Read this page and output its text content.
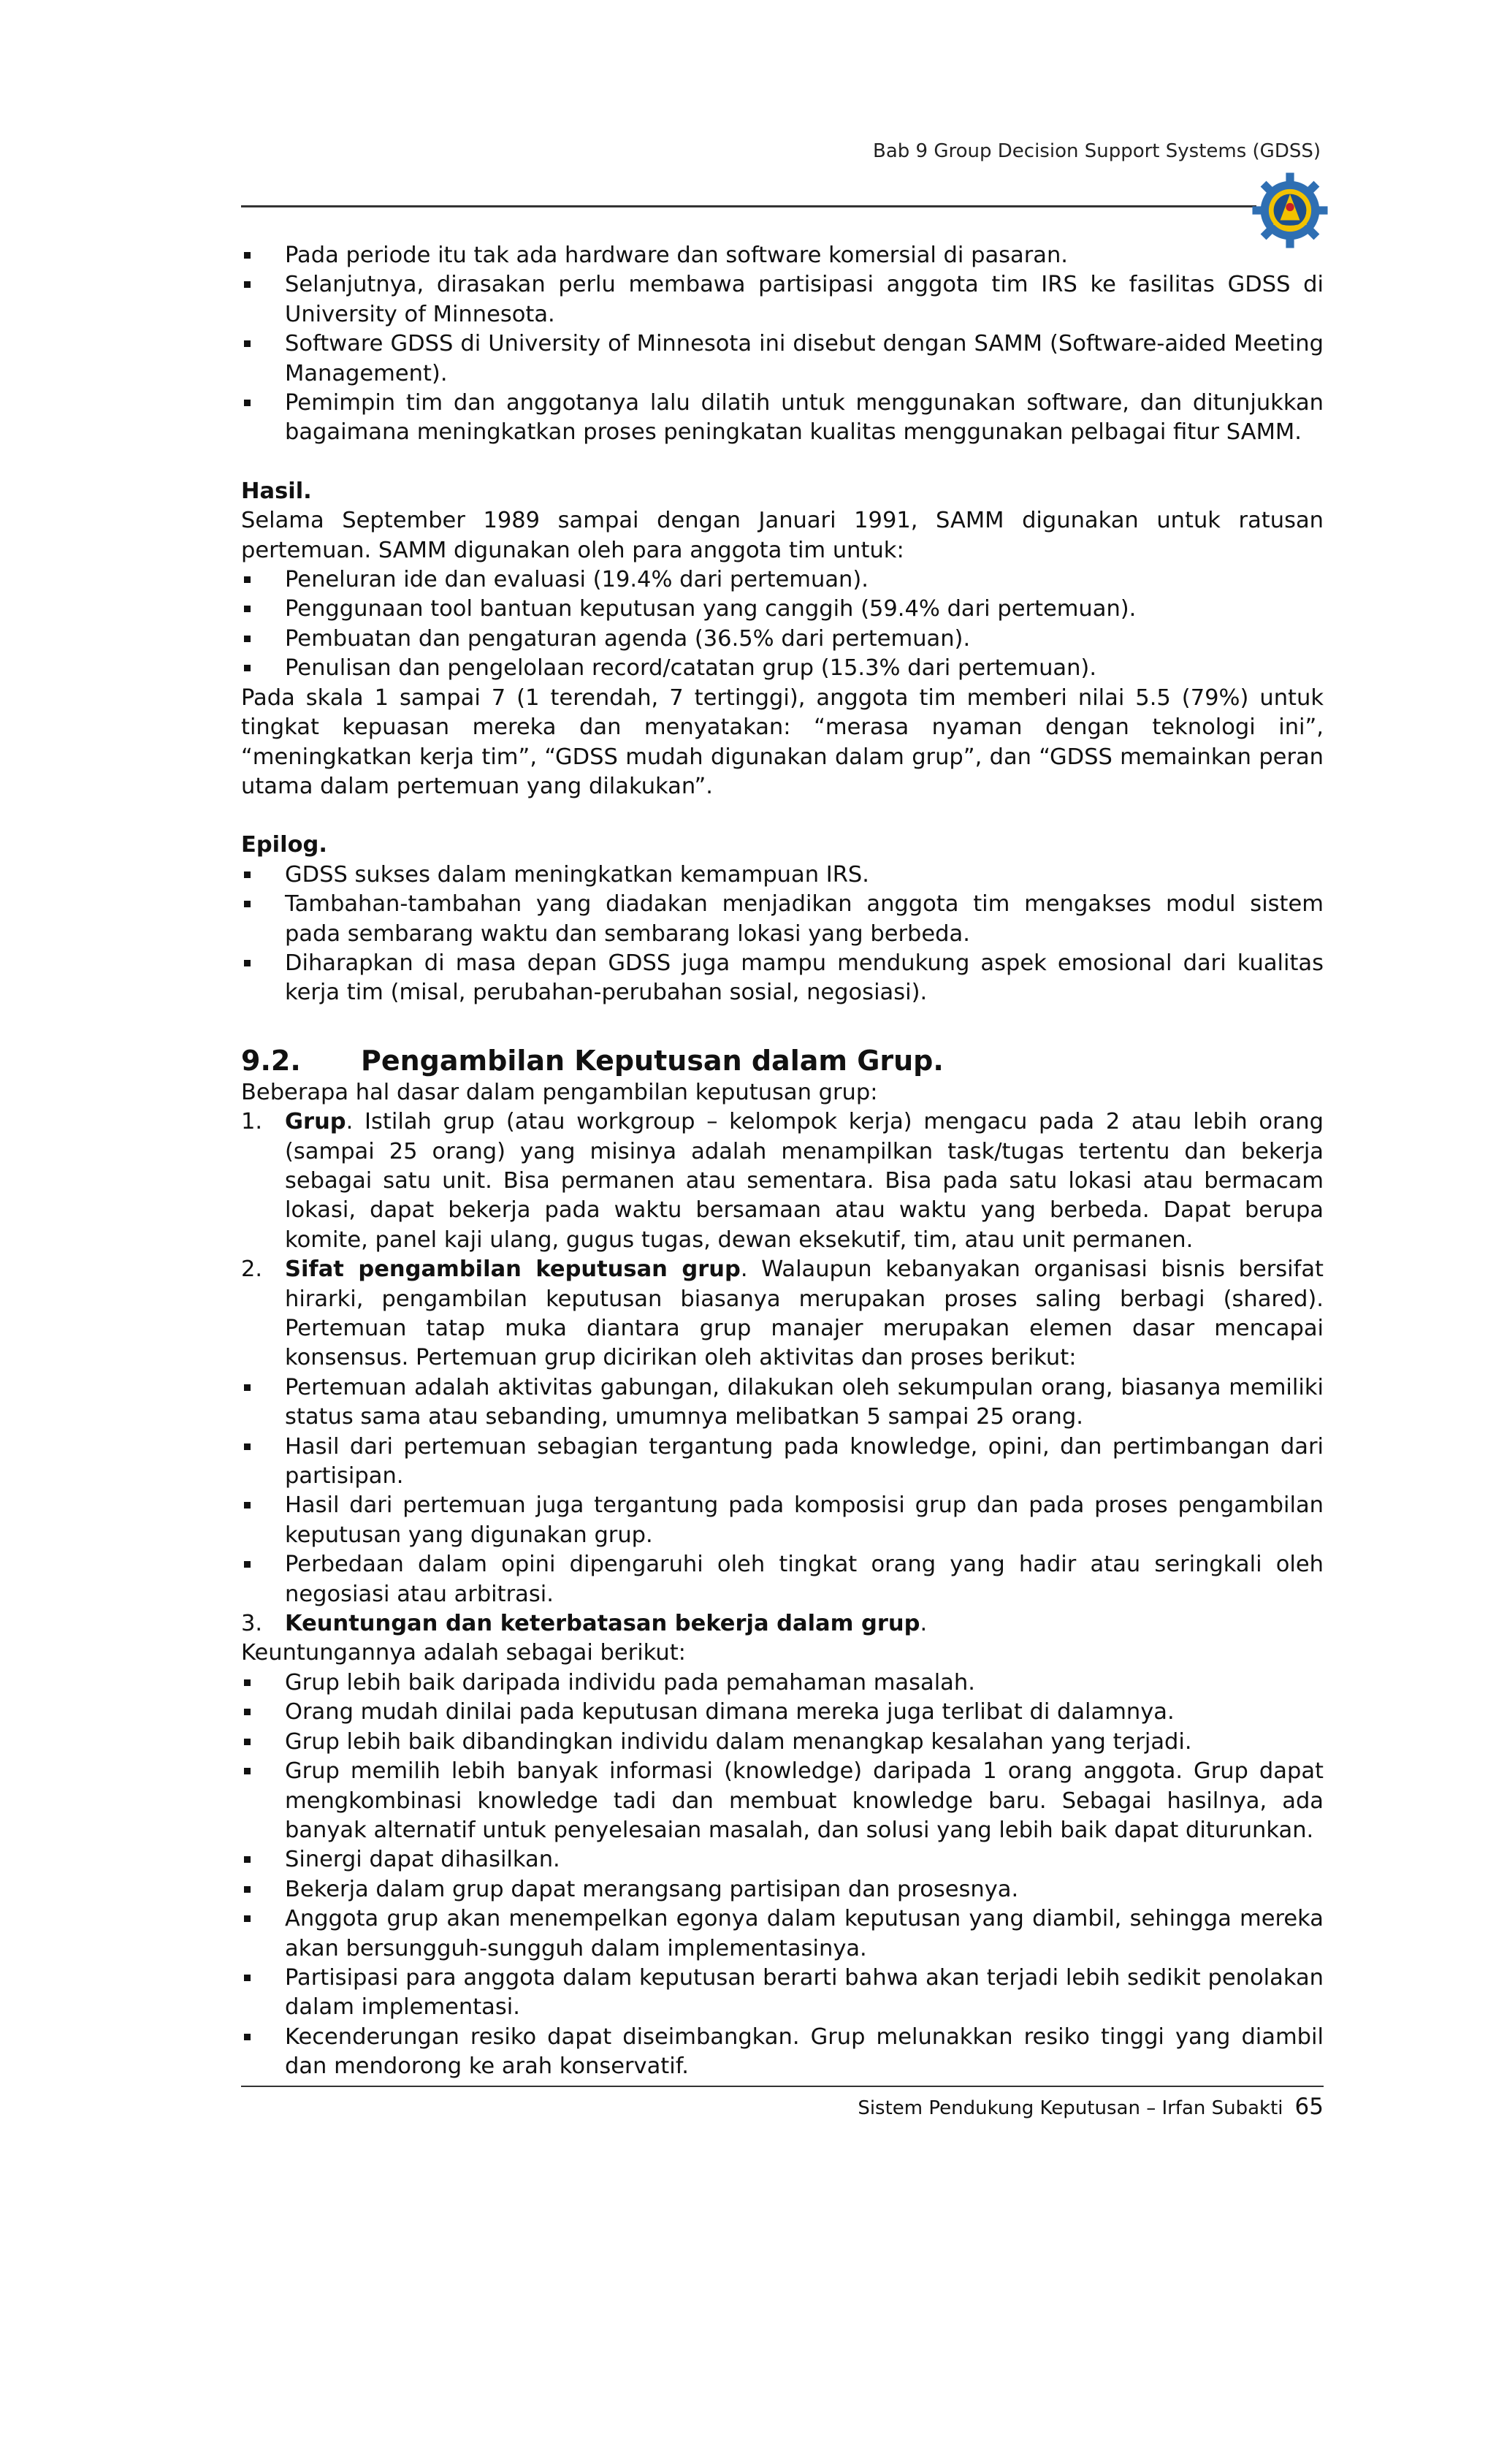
Bab 9 Group Decision Support Systems (GDSS)
Pada periode itu tak ada hardware dan software komersial di pasaran.
Selanjutnya, dirasakan perlu membawa partisipasi anggota tim IRS ke fasilitas GDSS di University of Minnesota.
Software GDSS di University of Minnesota ini disebut dengan SAMM (Software-aided Meeting Management).
Pemimpin tim dan anggotanya lalu dilatih untuk menggunakan software, dan ditunjukkan bagaimana meningkatkan proses peningkatan kualitas menggunakan pelbagai fitur SAMM.

Hasil.

Selama September 1989 sampai dengan Januari 1991, SAMM digunakan untuk ratusan pertemuan. SAMM digunakan oleh para anggota tim untuk:

Peneluran ide dan evaluasi (19.4% dari pertemuan).
Penggunaan tool bantuan keputusan yang canggih (59.4% dari pertemuan).
Pembuatan dan pengaturan agenda (36.5% dari pertemuan).
Penulisan dan pengelolaan record/catatan grup (15.3% dari pertemuan).

Pada skala 1 sampai 7 (1 terendah, 7 tertinggi), anggota tim memberi nilai 5.5 (79%) untuk tingkat kepuasan mereka dan menyatakan: “merasa nyaman dengan teknologi ini”, “meningkatkan kerja tim”, “GDSS mudah digunakan dalam grup”, dan “GDSS memainkan peran utama dalam pertemuan yang dilakukan”.

Epilog.

GDSS sukses dalam meningkatkan kemampuan IRS.
Tambahan-tambahan yang diadakan menjadikan anggota tim mengakses modul sistem pada sembarang waktu dan sembarang lokasi yang berbeda.
Diharapkan di masa depan GDSS juga mampu mendukung aspek emosional dari kualitas kerja tim (misal, perubahan-perubahan sosial, negosiasi).
9.2. Pengambilan Keputusan dalam Grup.

Beberapa hal dasar dalam pengambilan keputusan grup:

1. Grup. Istilah grup (atau workgroup – kelompok kerja) mengacu pada 2 atau lebih orang (sampai 25 orang) yang misinya adalah menampilkan task/tugas tertentu dan bekerja sebagai satu unit. Bisa permanen atau sementara. Bisa pada satu lokasi atau bermacam lokasi, dapat bekerja pada waktu bersamaan atau waktu yang berbeda. Dapat berupa komite, panel kaji ulang, gugus tugas, dewan eksekutif, tim, atau unit permanen.
2. Sifat pengambilan keputusan grup. Walaupun kebanyakan organisasi bisnis bersifat hirarki, pengambilan keputusan biasanya merupakan proses saling berbagi (shared). Pertemuan tatap muka diantara grup manajer merupakan elemen dasar mencapai konsensus. Pertemuan grup dicirikan oleh aktivitas dan proses berikut:
Pertemuan adalah aktivitas gabungan, dilakukan oleh sekumpulan orang, biasanya memiliki status sama atau sebanding, umumnya melibatkan 5 sampai 25 orang.
Hasil dari pertemuan sebagian tergantung pada knowledge, opini, dan pertimbangan dari partisipan.
Hasil dari pertemuan juga tergantung pada komposisi grup dan pada proses pengambilan keputusan yang digunakan grup.
Perbedaan dalam opini dipengaruhi oleh tingkat orang yang hadir atau seringkali oleh negosiasi atau arbitrasi.
3. Keuntungan dan keterbatasan bekerja dalam grup.

Keuntungannya adalah sebagai berikut:

Grup lebih baik daripada individu pada pemahaman masalah.
Orang mudah dinilai pada keputusan dimana mereka juga terlibat di dalamnya.
Grup lebih baik dibandingkan individu dalam menangkap kesalahan yang terjadi.
Grup memilih lebih banyak informasi (knowledge) daripada 1 orang anggota. Grup dapat mengkombinasi knowledge tadi dan membuat knowledge baru. Sebagai hasilnya, ada banyak alternatif untuk penyelesaian masalah, dan solusi yang lebih baik dapat diturunkan.
Sinergi dapat dihasilkan.
Bekerja dalam grup dapat merangsang partisipan dan prosesnya.
Anggota grup akan menempelkan egonya dalam keputusan yang diambil, sehingga mereka akan bersungguh-sungguh dalam implementasinya.
Partisipasi para anggota dalam keputusan berarti bahwa akan terjadi lebih sedikit penolakan dalam implementasi.
Kecenderungan resiko dapat diseimbangkan. Grup melunakkan resiko tinggi yang diambil dan mendorong ke arah konservatif.
Sistem Pendukung Keputusan – Irfan Subakti 65
